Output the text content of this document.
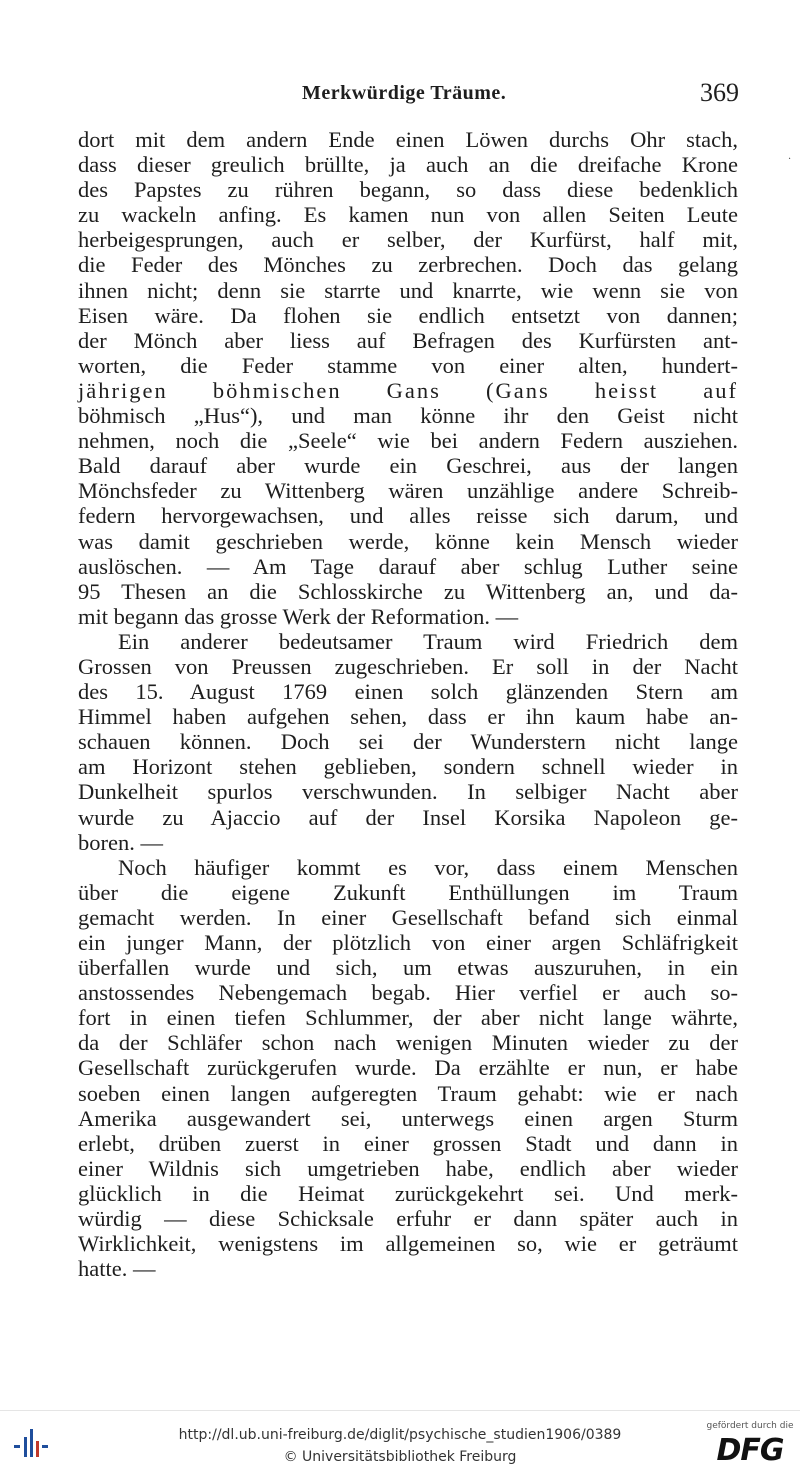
Merkwürdige Träume.	369
·
dort mit dem andern Ende einen Löwen durchs Ohr stach,
dass dieser greulich brüllte, ja auch an die dreifache Krone
des Papstes zu rühren begann, so dass diese bedenklich
zu wackeln anfing. Es kamen nun von allen Seiten Leute
herbeigesprungen, auch er selber, der Kurfürst, half mit,
die Feder des Mönches zu zerbrechen. Doch das gelang
ihnen nicht; denn sie starrte und knarrte, wie wenn sie von
Eisen wäre. Da flohen sie endlich entsetzt von dannen;
der Mönch aber liess auf Befragen des Kurfürsten ant-
worten, die Feder stamme von einer alten, hundert-
jährigen böhmischen Gans (Gans heisst auf
böhmisch „Hus“), und man könne ihr den Geist nicht
nehmen, noch die „Seele“ wie bei andern Federn ausziehen.
Bald darauf aber wurde ein Geschrei, aus der langen
Mönchsfeder zu Wittenberg wären unzählige andere Schreib-
federn hervorgewachsen, und alles reisse sich darum, und
was damit geschrieben werde, könne kein Mensch wieder
auslöschen. — Am Tage darauf aber schlug Luther seine
95 Thesen an die Schlosskirche zu Wittenberg an, und da-
mit begann das grosse Werk der Reformation. —
Ein anderer bedeutsamer Traum wird Friedrich dem
Grossen von Preussen zugeschrieben. Er soll in der Nacht
des 15. August 1769 einen solch glänzenden Stern am
Himmel haben aufgehen sehen, dass er ihn kaum habe an-
schauen können. Doch sei der Wunderstern nicht lange
am Horizont stehen geblieben, sondern schnell wieder in
Dunkelheit spurlos verschwunden. In selbiger Nacht aber
wurde zu Ajaccio auf der Insel Korsika Napoleon ge-
boren. —
Noch häufiger kommt es vor, dass einem Menschen
über die eigene Zukunft Enthüllungen im Traum
gemacht werden. In einer Gesellschaft befand sich einmal
ein junger Mann, der plötzlich von einer argen Schläfrigkeit
überfallen wurde und sich, um etwas auszuruhen, in ein
anstossendes Nebengemach begab. Hier verfiel er auch so-
fort in einen tiefen Schlummer, der aber nicht lange währte,
da der Schläfer schon nach wenigen Minuten wieder zu der
Gesellschaft zurückgerufen wurde. Da erzählte er nun, er habe
soeben einen langen aufgeregten Traum gehabt: wie er nach
Amerika ausgewandert sei, unterwegs einen argen Sturm
erlebt, drüben zuerst in einer grossen Stadt und dann in
einer Wildnis sich umgetrieben habe, endlich aber wieder
glücklich in die Heimat zurückgekehrt sei. Und merk-
würdig — diese Schicksale erfuhr er dann später auch in
Wirklichkeit, wenigstens im allgemeinen so, wie er geträumt
hatte. —
http://dl.ub.uni-freiburg.de/diglit/psychische_studien1906/0389
© Universitätsbibliothek Freiburg
gefördert durch die
DFG
